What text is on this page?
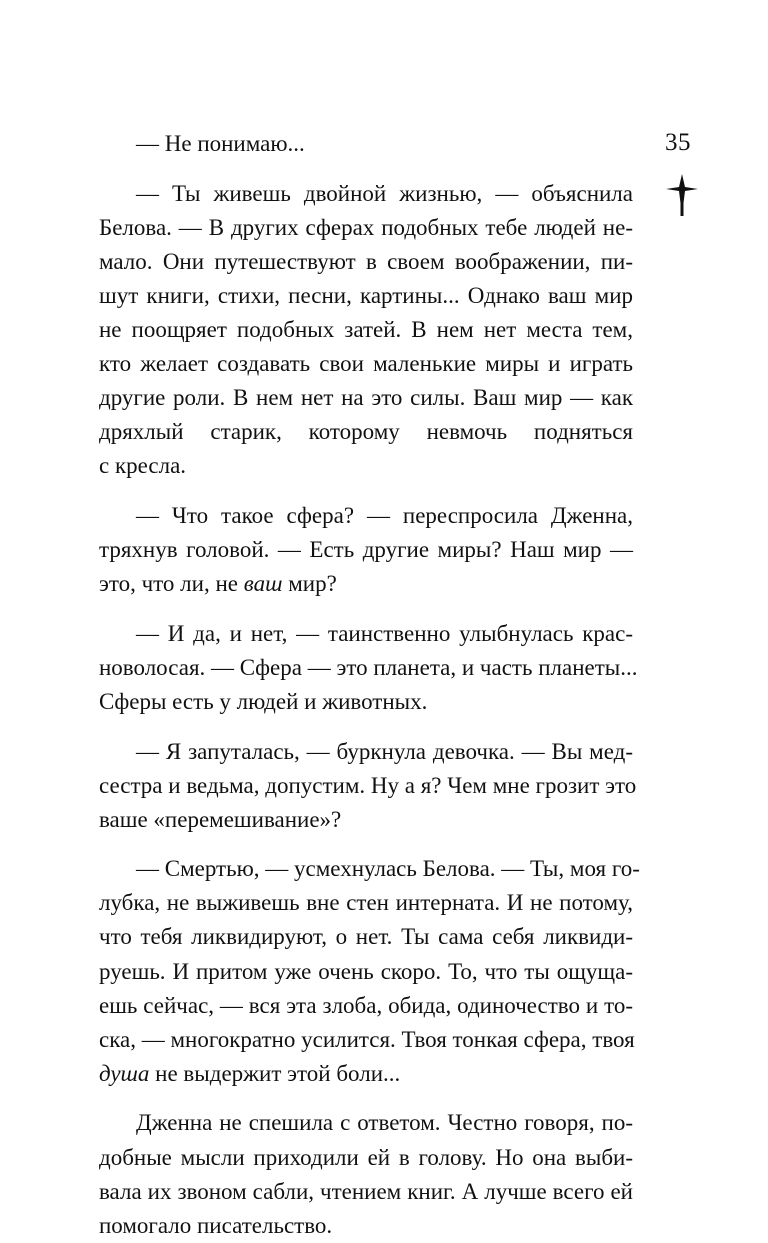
35
— Не понимаю...
— Ты живешь двойной жизнью, — объяснила
Белова. — В других сферах подобных тебе людей не-
мало. Они путешествуют в своем воображении, пи-
шут книги, стихи, песни, картины... Однако ваш мир
не поощряет подобных затей. В нем нет места тем,
кто желает создавать свои маленькие миры и играть
другие роли. В нем нет на это силы. Ваш мир — как
дряхлый старик, которому невмочь подняться
с кресла.
— Что такое сфера? — переспросила Дженна,
тряхнув головой. — Есть другие миры? Наш мир —
это, что ли, не ваш мир?
— И да, и нет, — таинственно улыбнулась крас-
новолосая. — Сфера — это планета, и часть планеты...
Сферы есть у людей и животных.
— Я запуталась, — буркнула девочка. — Вы мед-
сестра и ведьма, допустим. Ну а я? Чем мне грозит это
ваше «перемешивание»?
— Смертью, — усмехнулась Белова. — Ты, моя го-
лубка, не выживешь вне стен интерната. И не потому,
что тебя ликвидируют, о нет. Ты сама себя ликвиди-
руешь. И притом уже очень скоро. То, что ты ощуща-
ешь сейчас, — вся эта злоба, обида, одиночество и то-
ска, — многократно усилится. Твоя тонкая сфера, твоя
душа не выдержит этой боли...
Дженна не спешила с ответом. Честно говоря, по-
добные мысли приходили ей в голову. Но она выби-
вала их звоном сабли, чтением книг. А лучше всего ей
помогало писательство.
